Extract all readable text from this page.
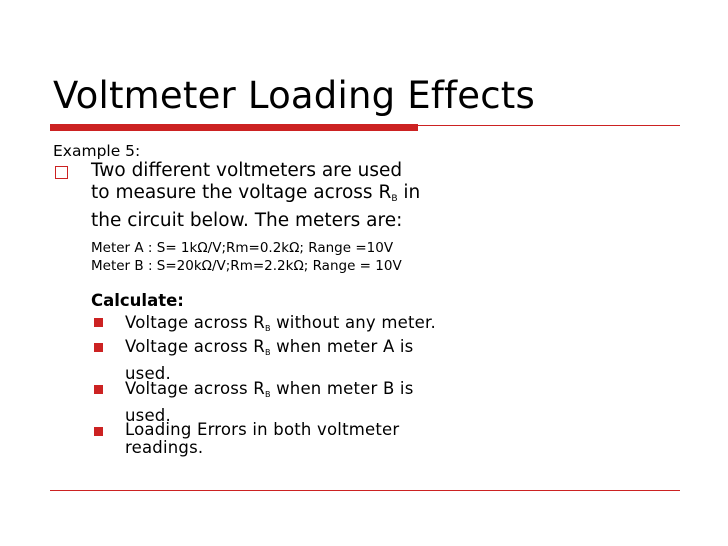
Voltmeter Loading Effects
Example 5:
Two different voltmeters are used
to measure the voltage across $R_B$ in
the circuit below. The meters are:
Meter A : S= 1kΩ/V;Rm=0.2kΩ; Range =10V
Meter B : S=20kΩ/V;Rm=2.2kΩ; Range = 10V
Calculate:
Voltage across $R_B$ without any meter.
Voltage across $R_B$ when meter A is
used.
Voltage across $R_B$ when meter B is
used.
Loading Errors in both voltmeter
readings.
